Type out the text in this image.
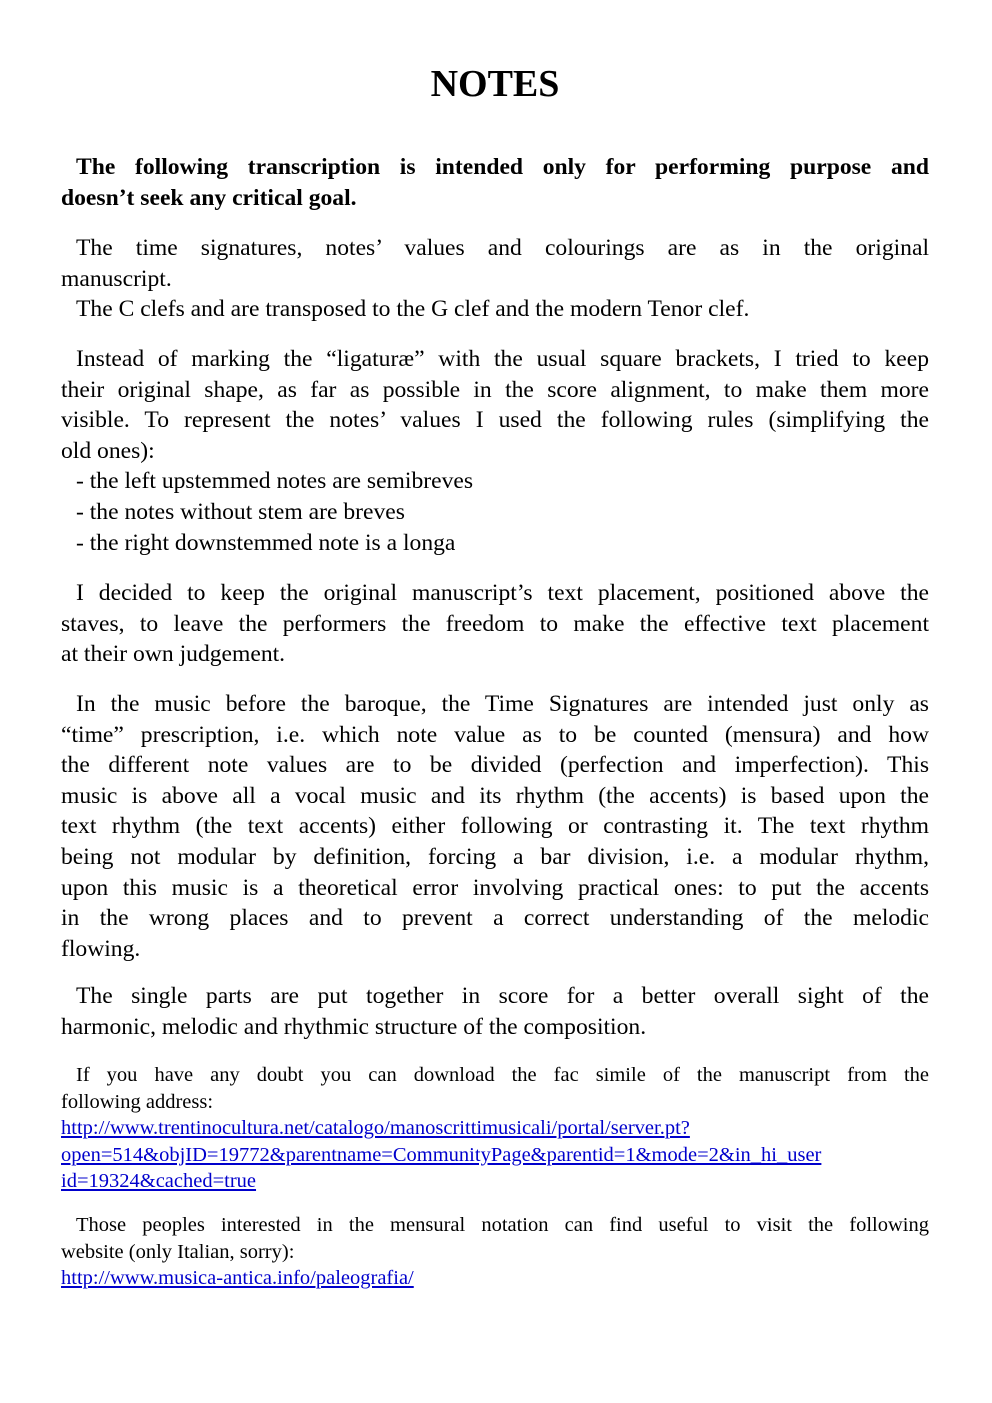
NOTES
The following transcription is intended only for performing purpose and
doesn’t seek any critical goal.
The time signatures, notes’ values and colourings are as in the original
manuscript.
The C clefs and are transposed to the G clef and the modern Tenor clef.
Instead of marking the “ligaturæ” with the usual square brackets, I tried to keep
their original shape, as far as possible in the score alignment, to make them more
visible. To represent the notes’ values I used the following rules (simplifying the
old ones):
- the left upstemmed notes are semibreves
- the notes without stem are breves
- the right downstemmed note is a longa
I decided to keep the original manuscript’s text placement, positioned above the
staves, to leave the performers the freedom to make the effective text placement
at their own judgement.
In the music before the baroque, the Time Signatures are intended just only as
“time” prescription, i.e. which note value as to be counted (mensura) and how
the different note values are to be divided (perfection and imperfection). This
music is above all a vocal music and its rhythm (the accents) is based upon the
text rhythm (the text accents) either following or contrasting it. The text rhythm
being not modular by definition, forcing a bar division, i.e. a modular rhythm,
upon this music is a theoretical error involving practical ones: to put the accents
in the wrong places and to prevent a correct understanding of the melodic
flowing.
The single parts are put together in score for a better overall sight of the
harmonic, melodic and rhythmic structure of the composition.
If you have any doubt you can download the fac simile of the manuscript from the
following address:
http://www.trentinocultura.net/catalogo/manoscrittimusicali/portal/server.pt?
open=514&objID=19772&parentname=CommunityPage&parentid=1&mode=2&in_hi_user
id=19324&cached=true
Those peoples interested in the mensural notation can find useful to visit the following
website (only Italian, sorry):
http://www.musica-antica.info/paleografia/
